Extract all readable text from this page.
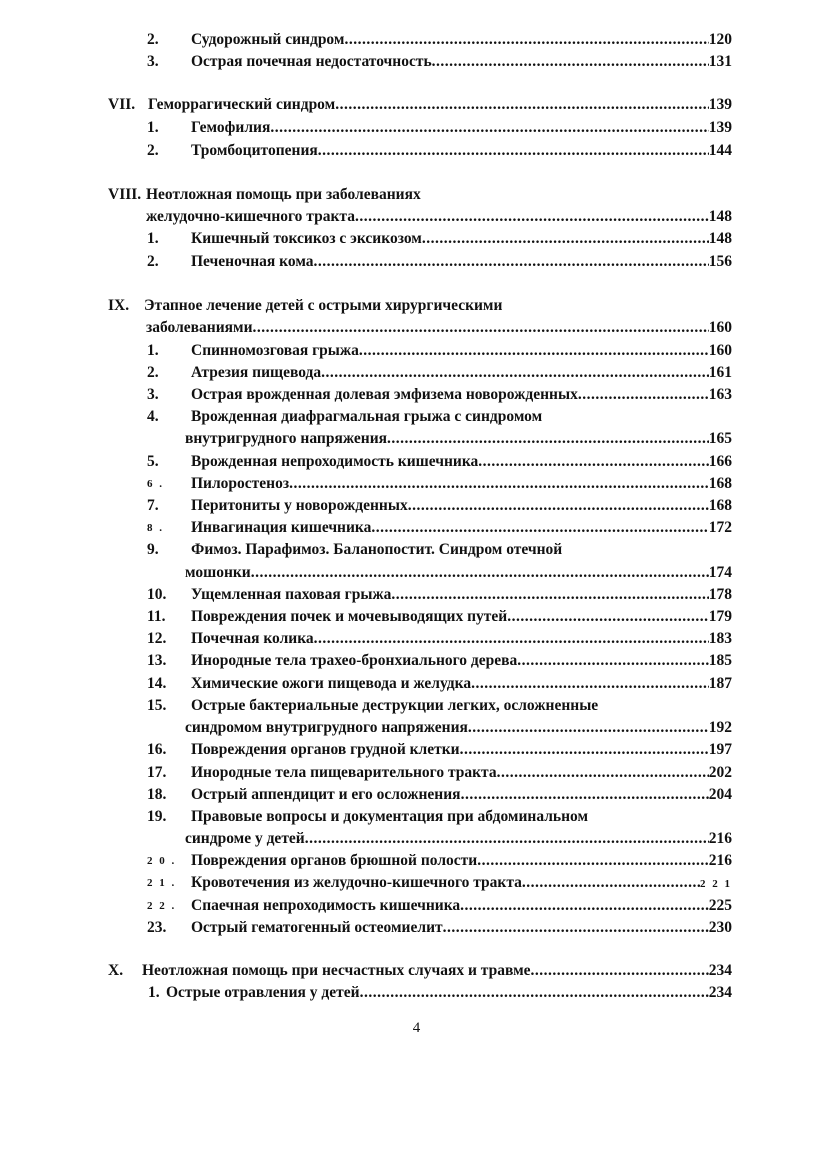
2. Судорожный синдром .....	120
3. Острая почечная недостаточность .....	131
VII. Геморрагический синдром .....	139
1. Гемофилия .....	139
2. Тромбоцитопения .....	144
VIII. Неотложная помощь при заболеваниях
желудочно-кишечного тракта .....	148
1. Кишечный токсикоз с эксикозом .....	148
2. Печеночная кома .....	156
IX. Этапное лечение детей с острыми хирургическими
заболеваниями .....	160
1. Спинномозговая грыжа .....	160
2. Атрезия пищевода .....	161
3. Острая врожденная долевая эмфизема новорожденных .....	163
4. Врожденная диафрагмальная грыжа с синдромом
внутригрудного напряжения .....	165
5. Врожденная непроходимость кишечника .....	166
6 . Пилоростеноз .....	168
7. Перитониты у новорожденных .....	168
8 . Инвагинация кишечника .....	172
9. Фимоз. Парафимоз. Баланопостит. Синдром отечной
мошонки .....	174
10. Ущемленная паховая грыжа .....	178
11. Повреждения почек и мочевыводящих путей .....	179
12. Почечная колика .....	183
13. Инородные тела трахео-бронхиального дерева .....	185
14. Химические ожоги пищевода и желудка .....	187
15. Острые бактериальные деструкции легких, осложненные
синдромом внутригрудного напряжения .....	192
16. Повреждения органов грудной клетки .....	197
17. Инородные тела пищеварительного тракта .....	202
18. Острый аппендицит и его осложнения .....	204
19. Правовые вопросы и документация при абдоминальном
синдроме у детей .....	216
2 0 . Повреждения органов брюшной полости .....	216
2 1 . Кровотечения из желудочно-кишечного тракта .....	2 2 1
2 2 . Спаечная непроходимость кишечника .....	225
23. Острый гематогенный остеомиелит .....	230
X. Неотложная помощь при несчастных случаях и травме .....	234
1. Острые отравления у детей .....	234
4
